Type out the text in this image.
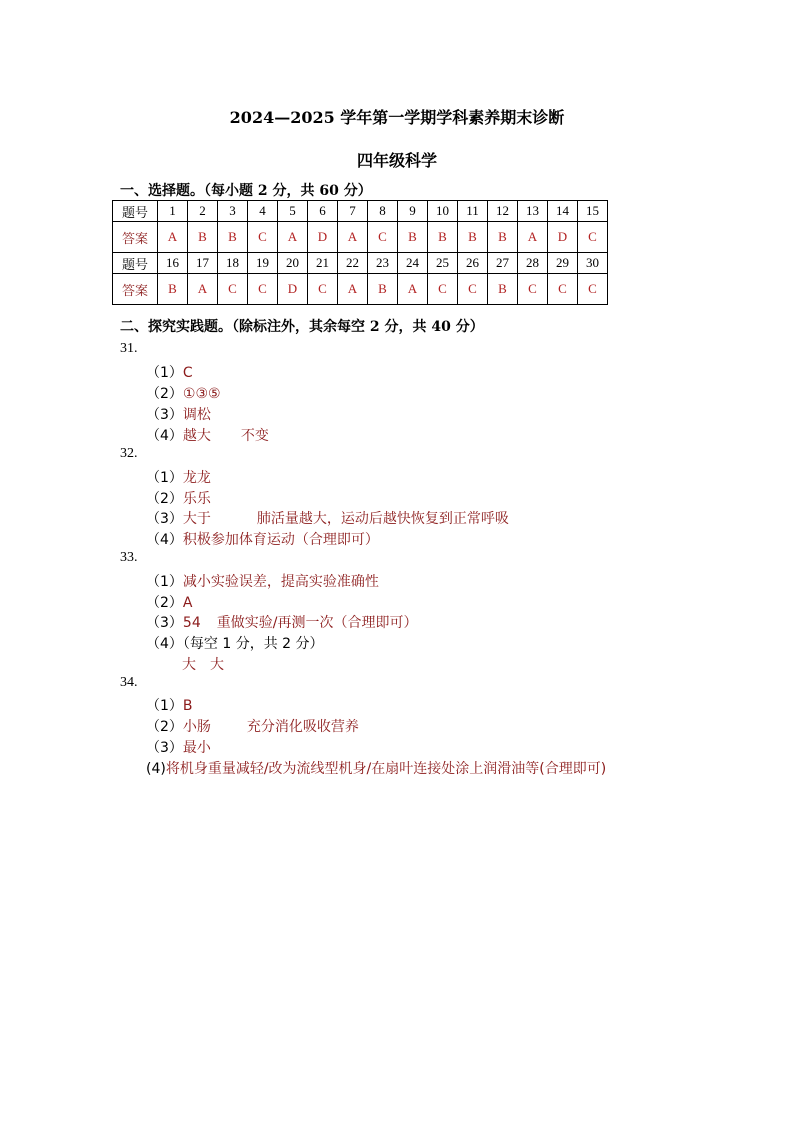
2024—2025 学年第一学期学科素养期末诊断
四年级科学
一、选择题。（每小题 2 分，共 60 分）
题号	1	2	3	4	5	6	7	8	9	10	11	12	13	14	15
答案	A	B	B	C	A	D	A	C	B	B	B	B	A	D	C
题号	16	17	18	19	20	21	22	23	24	25	26	27	28	29	30
答案	B	A	C	C	D	C	A	B	A	C	C	B	C	C	C
二、探究实践题。（除标注外，其余每空 2 分，共 40 分）
31.
（1）C
（2）①③⑤
（3）调松
（4）越大 不变
32.
（1）龙龙
（2）乐乐
（3）大于	肺活量越大，运动后越快恢复到正常呼吸
（4）积极参加体育运动（合理即可）
33.
（1）减小实验误差，提高实验准确性
（2）A
（3）54 重做实验/再测一次（合理即可）
（4）（每空 1 分，共 2 分）
大 大
34.
（1）B
（2）小肠	充分消化吸收营养
（3）最小
(4)将机身重量减轻/改为流线型机身/在扇叶连接处涂上润滑油等(合理即可)
